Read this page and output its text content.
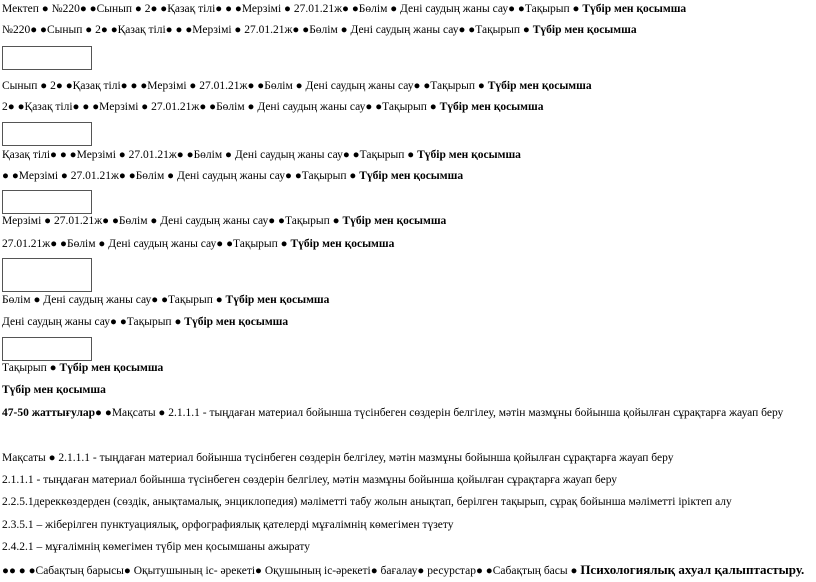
Мектеп ● №220● ●Сынып ● 2● ●Қазақ тілі● ● ●Мерзімі ● 27.01.21ж● ●Бөлім ● Дені саудың жаны сау● ●Тақырып ● Түбір мен қосымша
№220● ●Сынып ● 2● ●Қазақ тілі● ● ●Мерзімі ● 27.01.21ж● ●Бөлім ● Дені саудың жаны сау● ●Тақырып ● Түбір мен қосымша
Сынып ● 2● ●Қазақ тілі● ● ●Мерзімі ● 27.01.21ж● ●Бөлім ● Дені саудың жаны сау● ●Тақырып ● Түбір мен қосымша
2● ●Қазақ тілі● ● ●Мерзімі ● 27.01.21ж● ●Бөлім ● Дені саудың жаны сау● ●Тақырып ● Түбір мен қосымша
Қазақ тілі● ● ●Мерзімі ● 27.01.21ж● ●Бөлім ● Дені саудың жаны сау● ●Тақырып ● Түбір мен қосымша
● ●Мерзімі ● 27.01.21ж● ●Бөлім ● Дені саудың жаны сау● ●Тақырып ● Түбір мен қосымша
Мерзімі ● 27.01.21ж● ●Бөлім ● Дені саудың жаны сау● ●Тақырып ● Түбір мен қосымша
27.01.21ж● ●Бөлім ● Дені саудың жаны сау● ●Тақырып ● Түбір мен қосымша
Бөлім ● Дені саудың жаны сау● ●Тақырып ● Түбір мен қосымша
Дені саудың жаны сау● ●Тақырып ● Түбір мен қосымша
Тақырып ● Түбір мен қосымша
Түбір мен қосымша
47-50 жаттығулар● ●Мақсаты ● 2.1.1.1 - тыңдаған материал бойынша түсінбеген сөздерін белгілеу, мәтін мазмұны бойынша қойылған сұрақтарға жауап беру
Мақсаты ● 2.1.1.1 - тыңдаған материал бойынша түсінбеген сөздерін белгілеу, мәтін мазмұны бойынша қойылған сұрақтарға жауап беру
2.1.1.1 - тыңдаған материал бойынша түсінбеген сөздерін белгілеу, мәтін мазмұны бойынша қойылған сұрақтарға жауап беру
2.2.5.1дереккөздерден (сөздік, анықтамалық, энциклопедия) мәліметті табу жолын анықтап, берілген тақырып, сұрақ бойынша мәліметті іріктеп алу
2.3.5.1 – жіберілген пунктуациялық, орфографиялық қателерді мұғалімнің көмегімен түзету
2.4.2.1 – мұғалімнің көмегімен түбір мен қосымшаны ажырату
●● ● ●Сабақтың барысы● Оқытушының іс- әрекеті● Оқушының іс-әрекеті● бағалау● ресурстар● ●Сабақтың басы ● Психологиялық ахуал қалыптастыру.
